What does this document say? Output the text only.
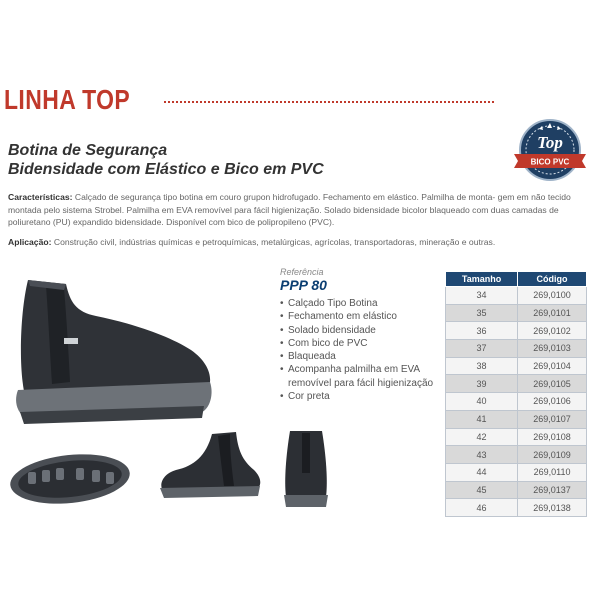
LINHA TOP
Top
BICO PVC
Botina de Segurança
Bidensidade com Elástico e Bico em PVC
Características: Calçado de segurança tipo botina em couro grupon hidrofugado. Fechamento em elástico. Palmilha de monta- gem em não tecido montada pelo sistema Strobel. Palmilha em EVA removível para fácil higienização. Solado bidensidade bicolor blaqueado com duas camadas de poliuretano (PU) expandido bidensidade. Disponível com bico de polipropileno (PVC).
Aplicação: Construção civil, indústrias químicas e petroquímicas, metalúrgicas, agrícolas, transportadoras, mineração e outras.
Referência
PPP 80
• Calçado Tipo Botina
• Fechamento em elástico
• Solado bidensidade
• Com bico de PVC
• Blaqueada
• Acompanha palmilha em EVA removível para fácil higienização
• Cor preta
Tamanho	Código
34	269,0100
35	269,0101
36	269,0102
37	269,0103
38	269,0104
39	269,0105
40	269,0106
41	269,0107
42	269,0108
43	269,0109
44	269,0110
45	269,0137
46	269,0138
